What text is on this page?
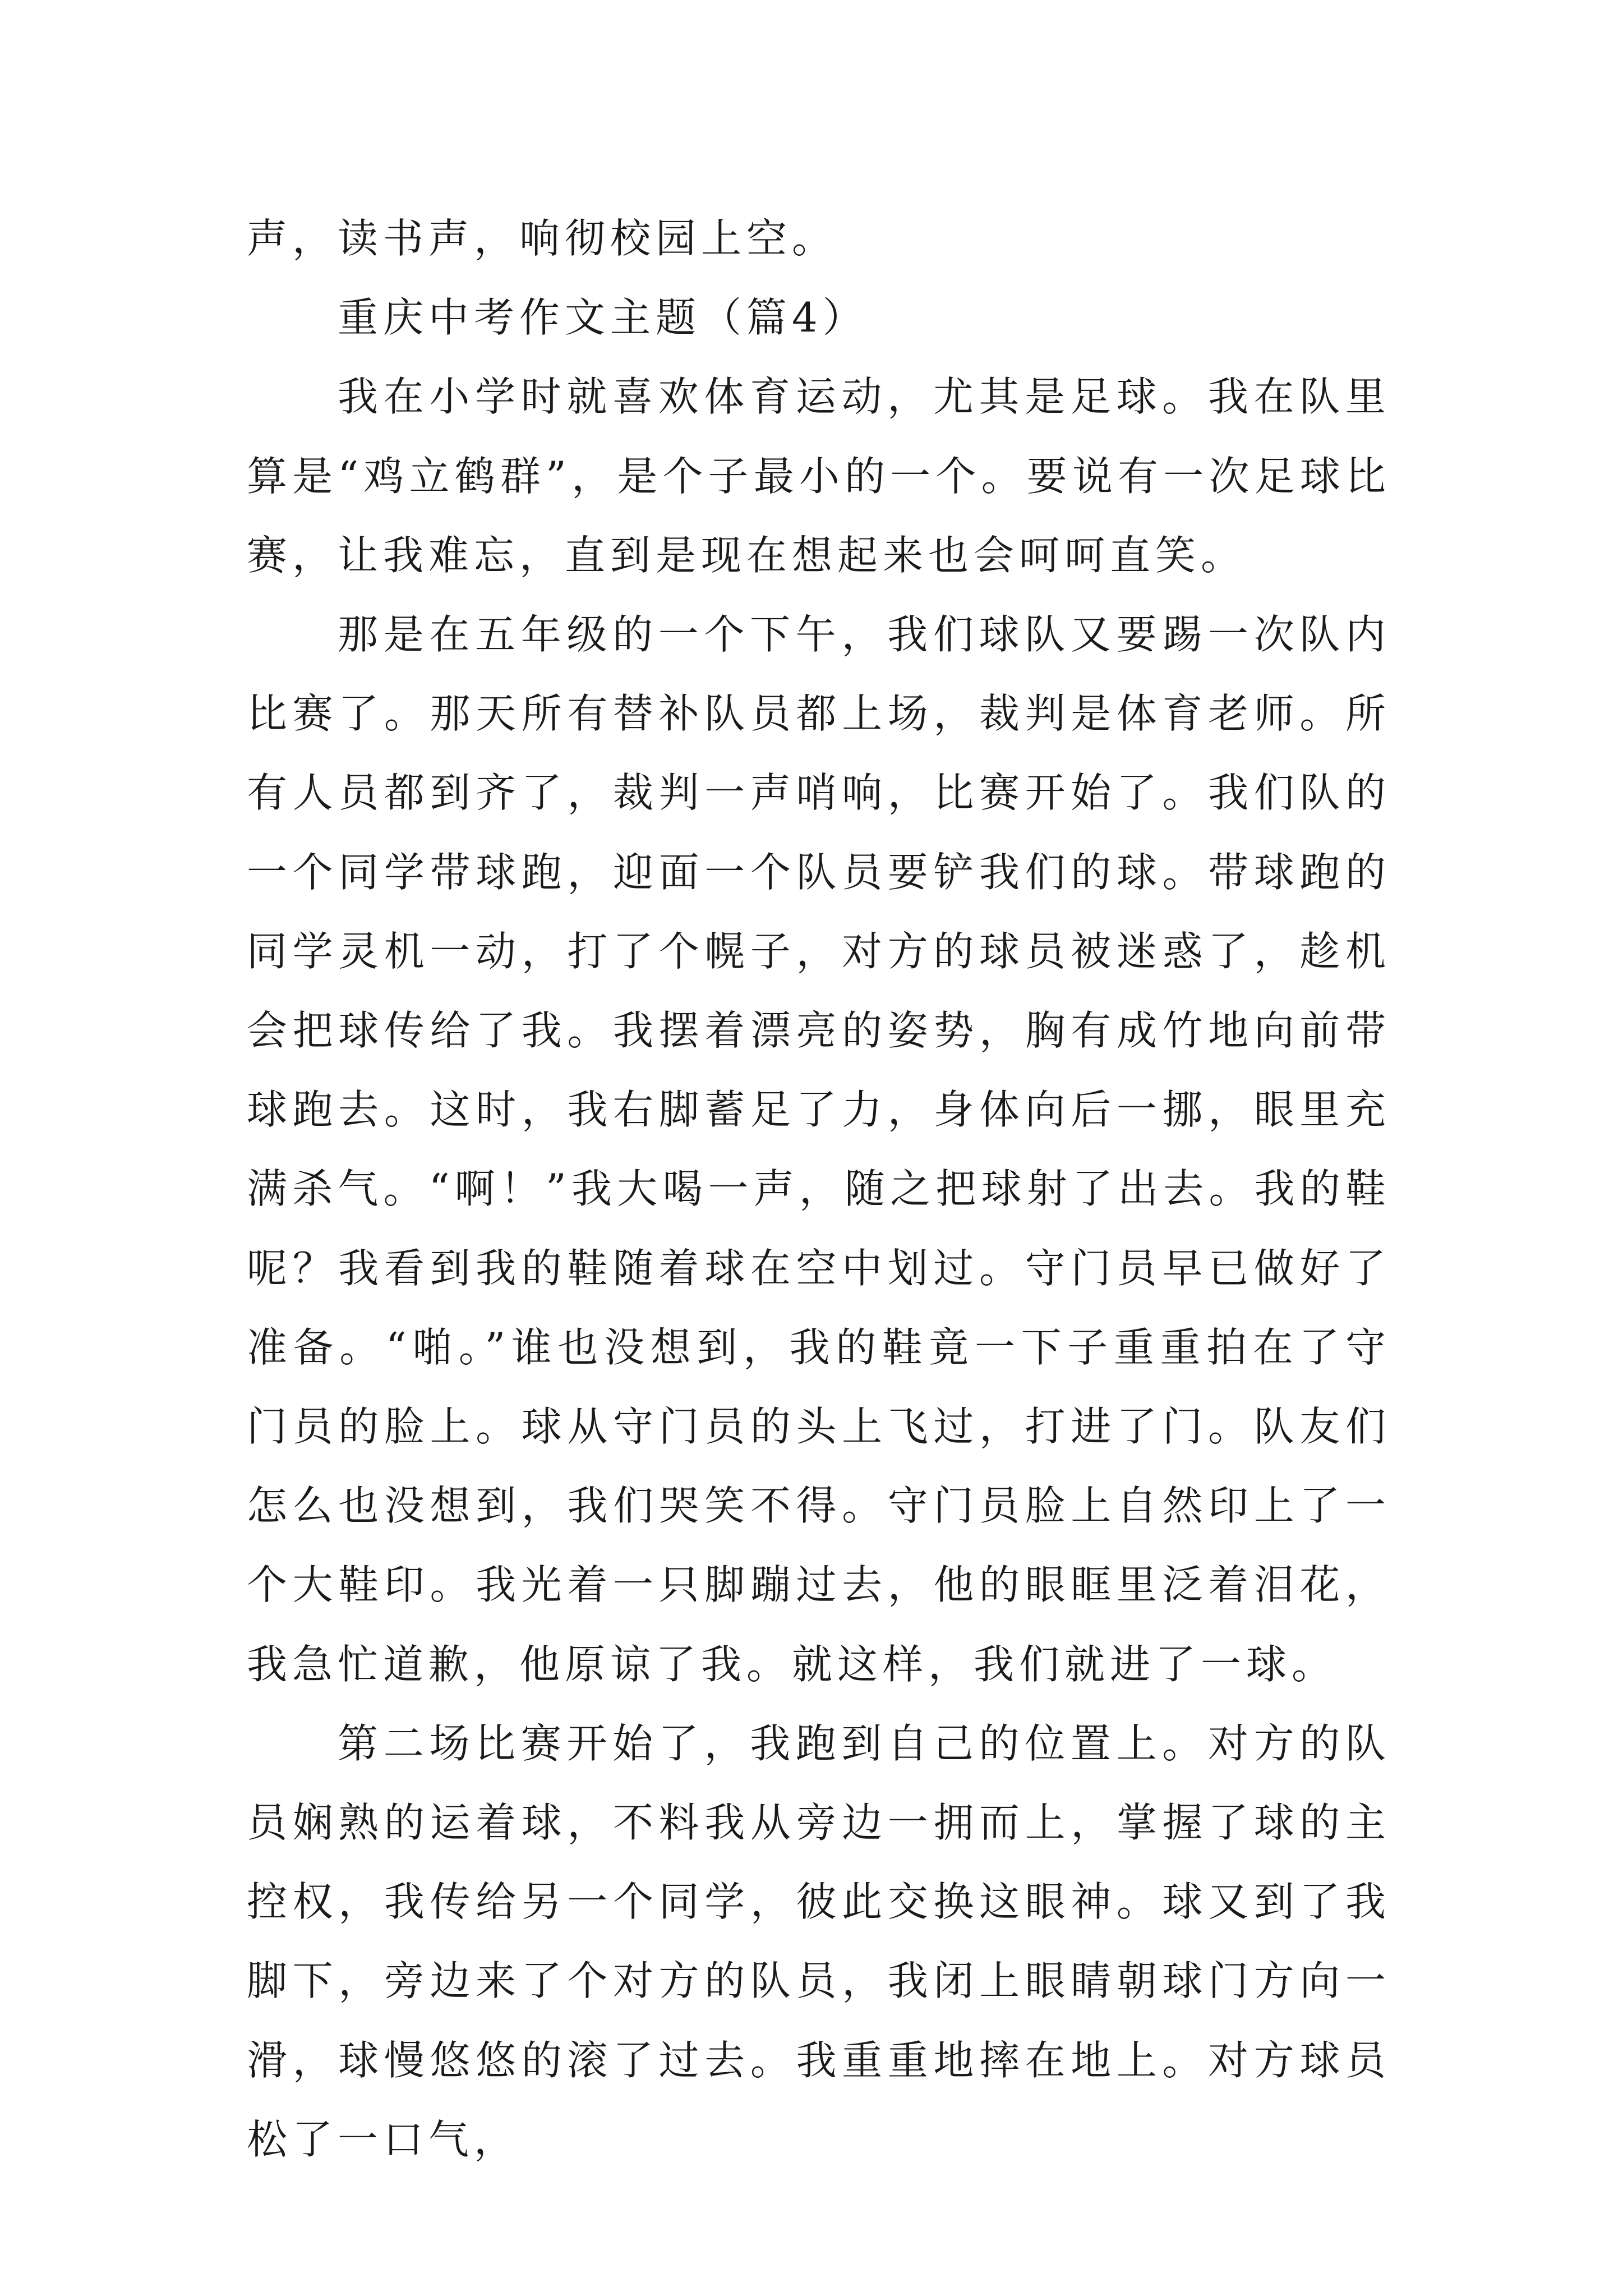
声，读书声，响彻校园上空。

重庆中考作文主题（篇4）

我在小学时就喜欢体育运动，尤其是足球。我在队里算是“鸡立鹤群”，是个子最小的一个。要说有一次足球比赛，让我难忘，直到是现在想起来也会呵呵直笑。

那是在五年级的一个下午，我们球队又要踢一次队内比赛了。那天所有替补队员都上场，裁判是体育老师。所有人员都到齐了，裁判一声哨响，比赛开始了。我们队的一个同学带球跑，迎面一个队员要铲我们的球。带球跑的同学灵机一动，打了个幌子，对方的球员被迷惑了，趁机会把球传给了我。我摆着漂亮的姿势，胸有成竹地向前带球跑去。这时，我右脚蓄足了力，身体向后一挪，眼里充满杀气。“啊！”我大喝一声，随之把球射了出去。我的鞋呢？我看到我的鞋随着球在空中划过。守门员早已做好了准备。“啪。”谁也没想到，我的鞋竟一下子重重拍在了守门员的脸上。球从守门员的头上飞过，打进了门。队友们怎么也没想到，我们哭笑不得。守门员脸上自然印上了一个大鞋印。我光着一只脚蹦过去，他的眼眶里泛着泪花，我急忙道歉，他原谅了我。就这样，我们就进了一球。

第二场比赛开始了，我跑到自己的位置上。对方的队员娴熟的运着球，不料我从旁边一拥而上，掌握了球的主控权，我传给另一个同学，彼此交换这眼神。球又到了我脚下，旁边来了个对方的队员，我闭上眼睛朝球门方向一滑，球慢悠悠的滚了过去。我重重地摔在地上。对方球员松了一口气，
